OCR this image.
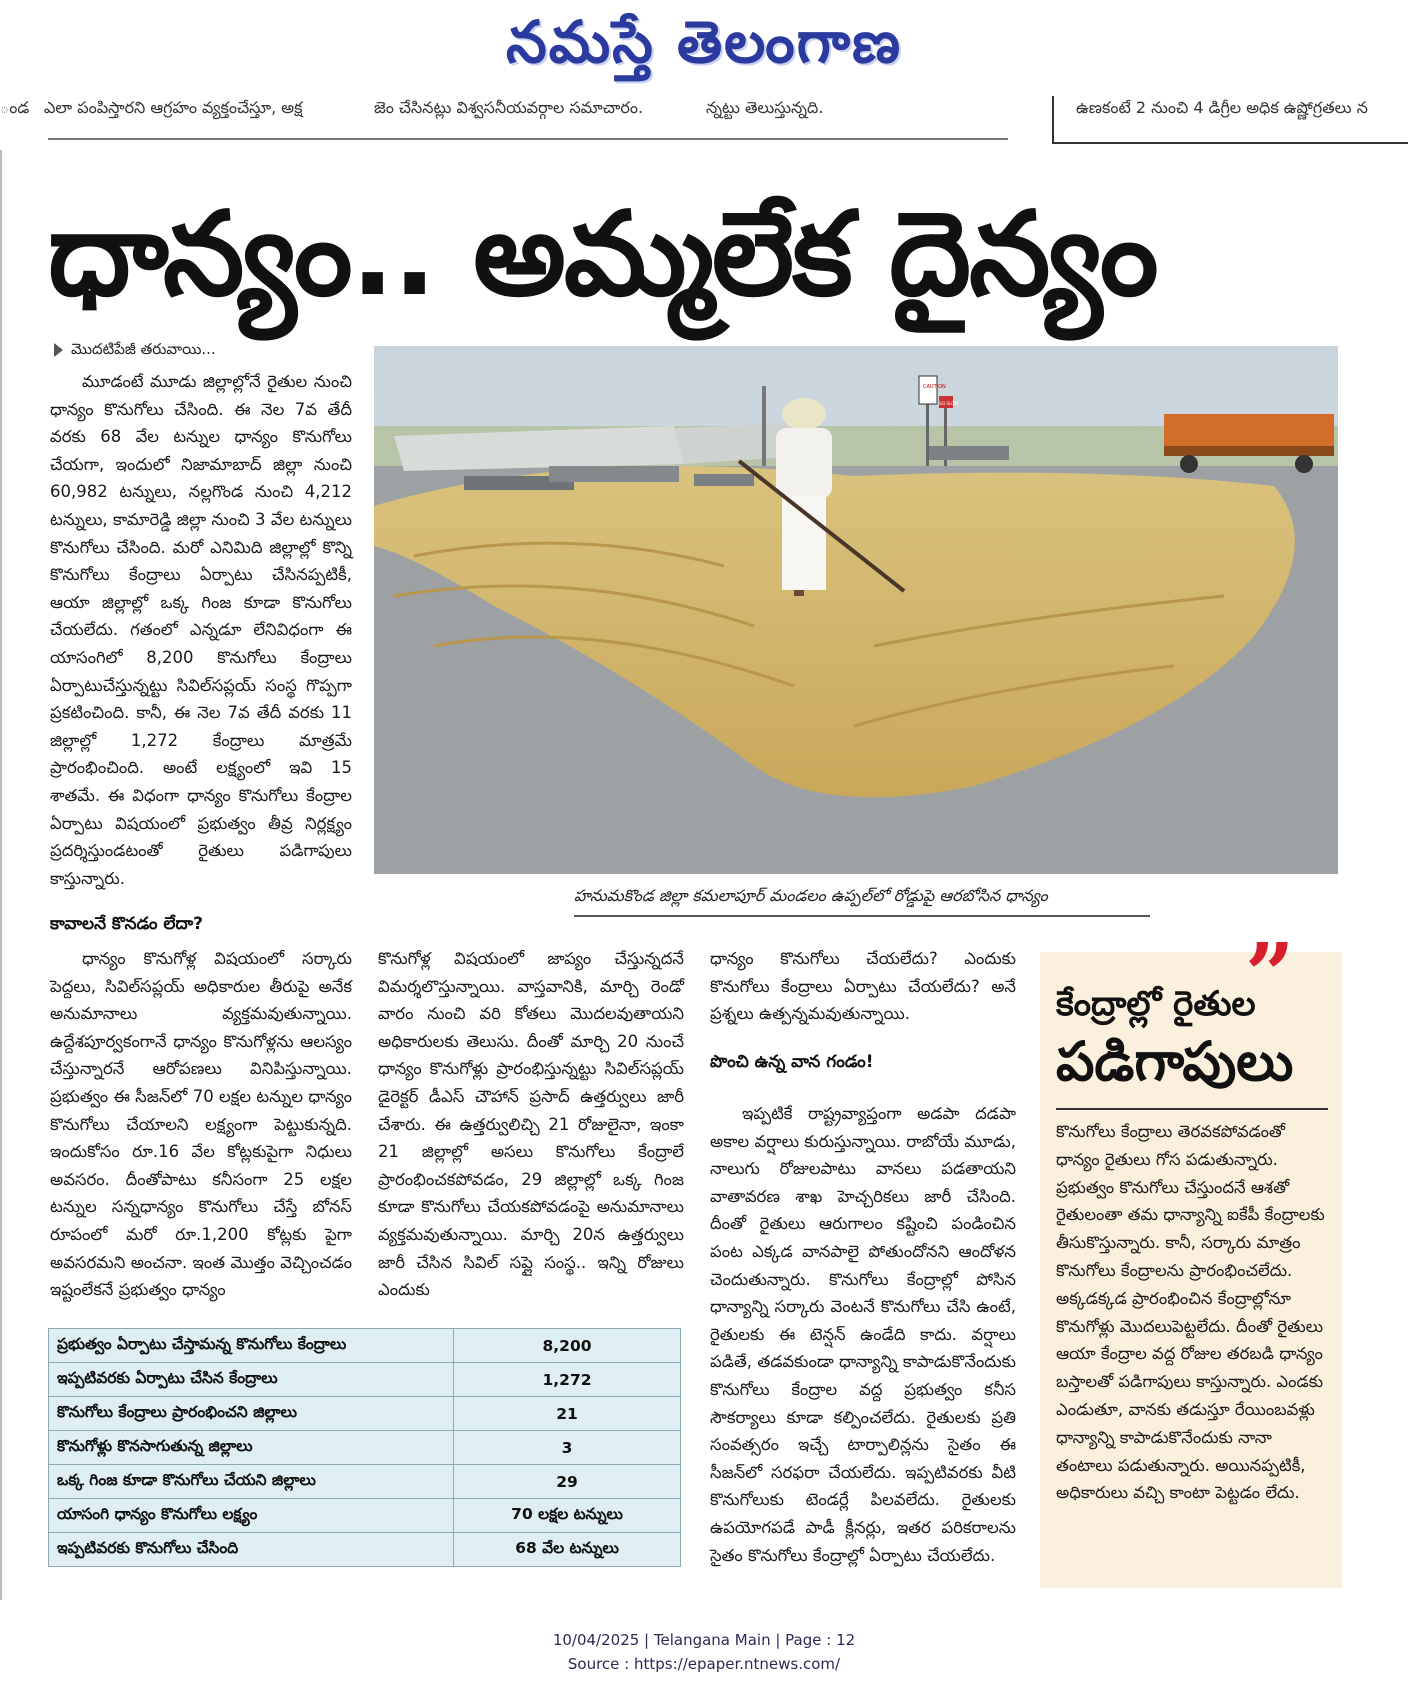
నమస్తే తెలంగాణ
ండ ఎలా పంపిస్తారని ఆగ్రహం వ్యక్తంచేస్తూ, అక్ష	జెం చేసినట్లు విశ్వసనీయవర్గాల సమాచారం.	న్నట్టు తెలుస్తున్నది.	ఉణకంటే 2 నుంచి 4 డిగ్రీల అధిక ఉష్ణోగ్రతలు న
ధాన్యం.. అమ్మలేక దైన్యం
మొదటిపేజీ తరువాయి...
మూడంటే మూడు జిల్లాల్లోనే రైతుల నుంచి ధాన్యం కొనుగోలు చేసింది. ఈ నెల 7వ తేదీ వరకు 68 వేల టన్నుల ధాన్యం కొనుగోలు చేయగా, ఇందులో నిజామాబాద్ జిల్లా నుంచి 60,982 టన్నులు, నల్లగొండ నుంచి 4,212 టన్నులు, కామారెడ్డి జిల్లా నుంచి 3 వేల టన్నులు కొనుగోలు చేసింది. మరో ఎనిమిది జిల్లాల్లో కొన్ని కొనుగోలు కేంద్రాలు ఏర్పాటు చేసినప్పటికీ, ఆయా జిల్లాల్లో ఒక్క గింజ కూడా కొనుగోలు చేయలేదు. గతంలో ఎన్నడూ లేనివిధంగా ఈ యాసంగిలో 8,200 కొనుగోలు కేంద్రాలు ఏర్పాటుచేస్తున్నట్టు సివిల్‌సప్లయ్ సంస్థ గొప్పగా ప్రకటించింది. కానీ, ఈ నెల 7వ తేదీ వరకు 11 జిల్లాల్లో 1,272 కేంద్రాలు మాత్రమే ప్రారంభించింది. అంటే లక్ష్యంలో ఇవి 15 శాతమే. ఈ విధంగా ధాన్యం కొనుగోలు కేంద్రాల ఏర్పాటు విషయంలో ప్రభుత్వం తీవ్ర నిర్లక్ష్యం ప్రదర్శిస్తుండటంతో రైతులు పడిగాపులు కాస్తున్నారు.
CAUTION
GO SLOW
హనుమకొండ జిల్లా కమలాపూర్ మండలం ఉప్పల్‌లో రోడ్డుపై ఆరబోసిన ధాన్యం
కావాలనే కొనడం లేదా?
ధాన్యం కొనుగోళ్ల విషయంలో సర్కారు పెద్దలు, సివిల్‌సప్లయ్ అధికారుల తీరుపై అనేక అనుమానాలు వ్యక్తమవుతున్నాయి. ఉద్దేశపూర్వకంగానే ధాన్యం కొనుగోళ్లను ఆలస్యం చేస్తున్నారనే ఆరోపణలు వినిపిస్తున్నాయి. ప్రభుత్వం ఈ సీజన్‌లో 70 లక్షల టన్నుల ధాన్యం కొనుగోలు చేయాలని లక్ష్యంగా పెట్టుకున్నది. ఇందుకోసం రూ.16 వేల కోట్లకుపైగా నిధులు అవసరం. దీంతోపాటు కనీసంగా 25 లక్షల టన్నుల సన్నధాన్యం కొనుగోలు చేస్తే బోనస్ రూపంలో మరో రూ.1,200 కోట్లకు పైగా అవసరమని అంచనా. ఇంత మొత్తం వెచ్చించడం ఇష్టంలేకనే ప్రభుత్వం ధాన్యం
కొనుగోళ్ల విషయంలో జాప్యం చేస్తున్నదనే విమర్శలొస్తున్నాయి. వాస్తవానికి, మార్చి రెండో వారం నుంచి వరి కోతలు మొదలవుతాయని అధికారులకు తెలుసు. దీంతో మార్చి 20 నుంచే ధాన్యం కొనుగోళ్లు ప్రారంభిస్తున్నట్టు సివిల్‌సప్లయ్ డైరెక్టర్ డీఎస్ చౌహాన్ ప్రసాద్ ఉత్తర్వులు జారీ చేశారు. ఈ ఉత్తర్వులిచ్చి 21 రోజులైనా, ఇంకా 21 జిల్లాల్లో అసలు కొనుగోలు కేంద్రాలే ప్రారంభించకపోవడం, 29 జిల్లాల్లో ఒక్క గింజ కూడా కొనుగోలు చేయకపోవడంపై అనుమానాలు వ్యక్తమవుతున్నాయి. మార్చి 20న ఉత్తర్వులు జారీ చేసిన సివిల్ సప్లై సంస్థ.. ఇన్ని రోజులు ఎందుకు
ధాన్యం కొనుగోలు చేయలేదు? ఎందుకు కొనుగోలు కేంద్రాలు ఏర్పాటు చేయలేదు? అనే ప్రశ్నలు ఉత్పన్నమవుతున్నాయి.
పొంచి ఉన్న వాన గండం!
ఇప్పటికే రాష్ట్రవ్యాప్తంగా అడపా దడపా అకాల వర్షాలు కురుస్తున్నాయి. రాబోయే మూడు, నాలుగు రోజులపాటు వానలు పడతాయని వాతావరణ శాఖ హెచ్చరికలు జారీ చేసింది. దీంతో రైతులు ఆరుగాలం కష్టించి పండించిన పంట ఎక్కడ వానపాలై పోతుందోనని ఆందోళన చెందుతున్నారు. కొనుగోలు కేంద్రాల్లో పోసిన ధాన్యాన్ని సర్కారు వెంటనే కొనుగోలు చేసి ఉంటే, రైతులకు ఈ టెన్షన్ ఉండేది కాదు. వర్షాలు పడితే, తడవకుండా ధాన్యాన్ని కాపాడుకొనేందుకు కొనుగోలు కేంద్రాల వద్ద ప్రభుత్వం కనీస సౌకర్యాలు కూడా కల్పించలేదు. రైతులకు ప్రతి సంవత్సరం ఇచ్చే టార్పాలిన్లను సైతం ఈ సీజన్‌లో సరఫరా చేయలేదు. ఇప్పటివరకు వీటి కొనుగోలుకు టెండర్లే పిలవలేదు. రైతులకు ఉపయోగపడే పాడీ క్లీనర్లు, ఇతర పరికరాలను సైతం కొనుగోలు కేంద్రాల్లో ఏర్పాటు చేయలేదు.
ప్రభుత్వం ఏర్పాటు చేస్తామన్న కొనుగోలు కేంద్రాలు	8,200
ఇప్పటివరకు ఏర్పాటు చేసిన కేంద్రాలు	1,272
కొనుగోలు కేంద్రాలు ప్రారంభించని జిల్లాలు	21
కొనుగోళ్లు కొనసాగుతున్న జిల్లాలు	3
ఒక్క గింజ కూడా కొనుగోలు చేయని జిల్లాలు	29
యాసంగి ధాన్యం కొనుగోలు లక్ష్యం	70 లక్షల టన్నులు
ఇప్పటివరకు కొనుగోలు చేసింది	68 వేల టన్నులు
”
కేంద్రాల్లో రైతుల
పడిగాపులు
కొనుగోలు కేంద్రాలు తెరవకపోవడంతో ధాన్యం రైతులు గోస పడుతున్నారు. ప్రభుత్వం కొనుగోలు చేస్తుందనే ఆశతో రైతులంతా తమ ధాన్యాన్ని ఐకేపీ కేంద్రాలకు తీసుకొస్తున్నారు. కానీ, సర్కారు మాత్రం కొనుగోలు కేంద్రాలను ప్రారంభించలేదు. అక్కడక్కడ ప్రారంభించిన కేంద్రాల్లోనూ కొనుగోళ్లు మొదలుపెట్టలేదు. దీంతో రైతులు ఆయా కేంద్రాల వద్ద రోజుల తరబడి ధాన్యం బస్తాలతో పడిగాపులు కాస్తున్నారు. ఎండకు ఎండుతూ, వానకు తడుస్తూ రేయింబవళ్లు ధాన్యాన్ని కాపాడుకొనేందుకు నానా తంటాలు పడుతున్నారు. అయినప్పటికీ, అధికారులు వచ్చి కాంటా పెట్టడం లేదు.
10/04/2025 | Telangana Main | Page : 12
Source : https://epaper.ntnews.com/
